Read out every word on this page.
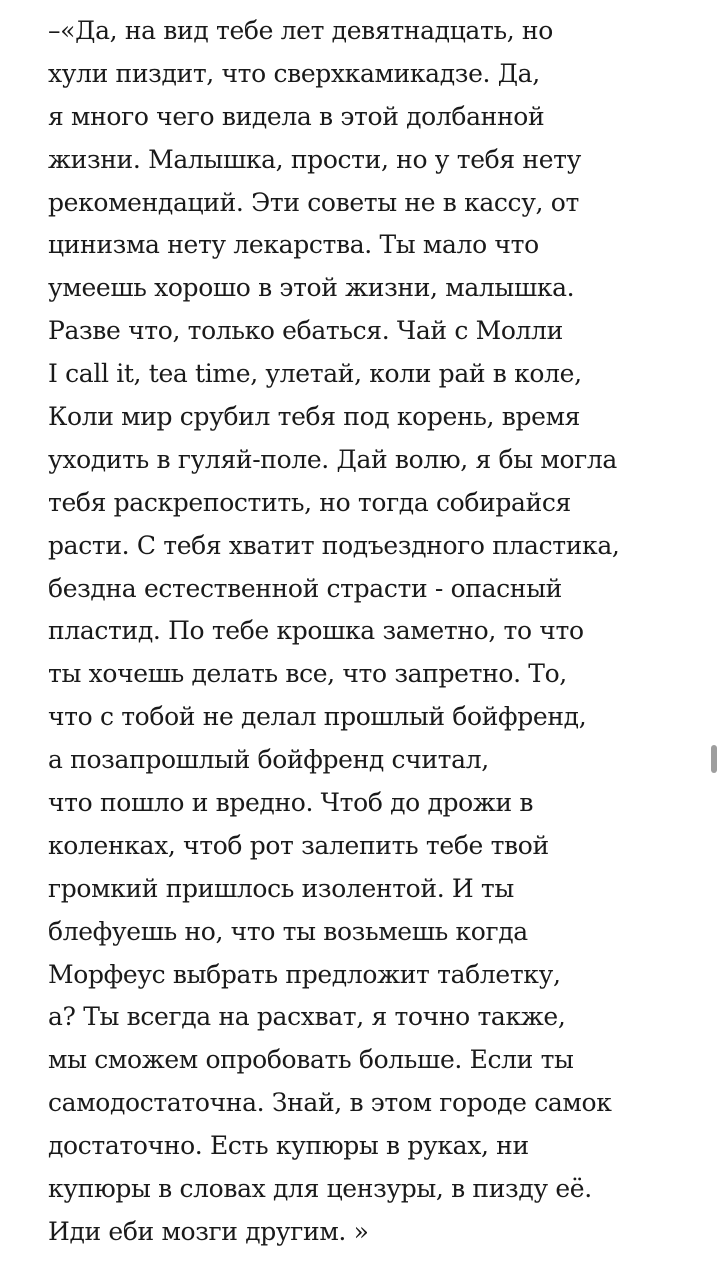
–«Да, на вид тебе лет девятнадцать, но
хули пиздит, что сверхкамикадзе. Да,
я много чего видела в этой долбанной
жизни. Малышка, прости, но у тебя нету
рекомендаций. Эти советы не в кассу, от
цинизма нету лекарства. Ты мало что
умеешь хорошо в этой жизни, малышка.
Разве что, только ебаться. Чай с Молли
I call it, tea time, улетай, коли рай в коле,
Коли мир срубил тебя под корень, время
уходить в гуляй-поле. Дай волю, я бы могла
тебя раскрепостить, но тогда собирайся
расти. С тебя хватит подъездного пластика,
бездна естественной страсти - опасный
пластид. По тебе крошка заметно, то что
ты хочешь делать все, что запретно. То,
что с тобой не делал прошлый бойфренд,
а позапрошлый бойфренд считал,
что пошло и вредно. Чтоб до дрожи в
коленках, чтоб рот залепить тебе твой
громкий пришлось изолентой. И ты
блефуешь но, что ты возьмешь когда
Морфеус выбрать предложит таблетку,
а? Ты всегда на расхват, я точно также,
мы сможем опробовать больше. Если ты
самодостаточна. Знай, в этом городе самок
достаточно. Есть купюры в руках, ни
купюры в словах для цензуры, в пизду её.
Иди еби мозги другим. »
